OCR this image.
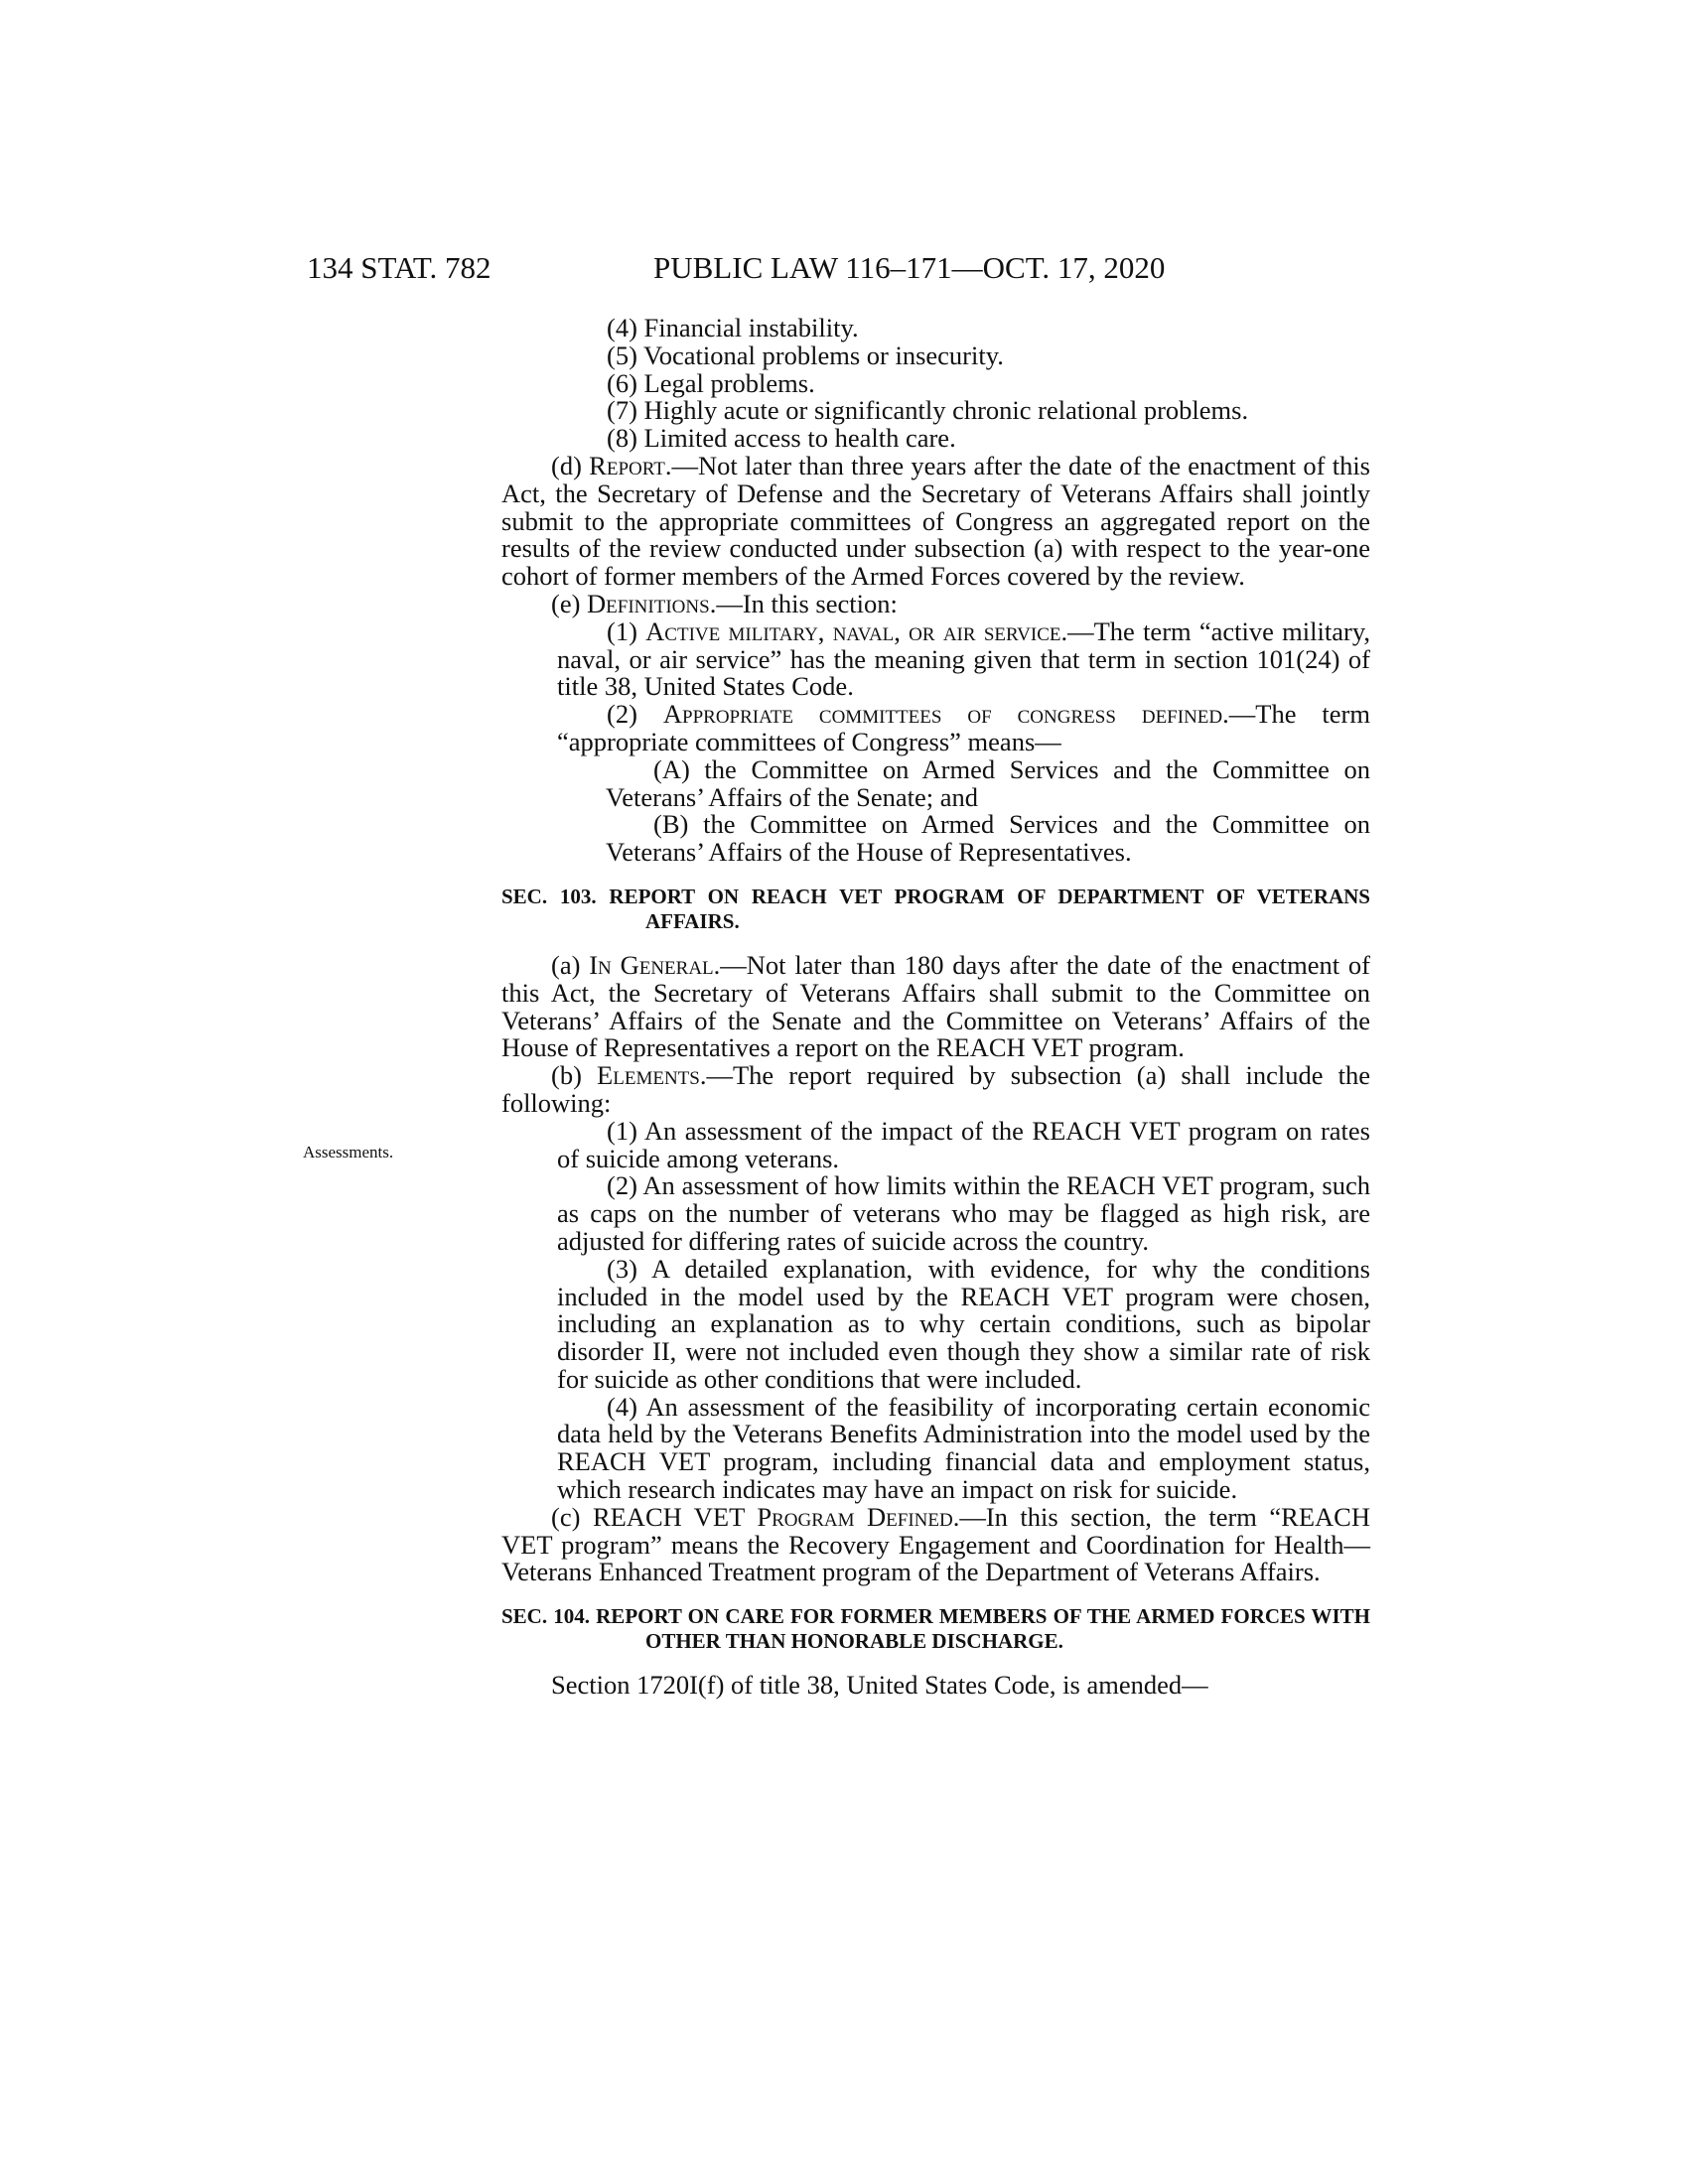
134 STAT. 782	PUBLIC LAW 116–171—OCT. 17, 2020
Assessments.

(4) Financial instability.

(5) Vocational problems or insecurity.

(6) Legal problems.

(7) Highly acute or significantly chronic relational problems.

(8) Limited access to health care.

(d) Report.—Not later than three years after the date of the enactment of this Act, the Secretary of Defense and the Secretary of Veterans Affairs shall jointly submit to the appropriate committees of Congress an aggregated report on the results of the review conducted under subsection (a) with respect to the year-one cohort of former members of the Armed Forces covered by the review.

(e) Definitions.—In this section:

(1) Active military, naval, or air service.—The term “active military, naval, or air service” has the meaning given that term in section 101(24) of title 38, United States Code.

(2) Appropriate committees of congress defined.—The term “appropriate committees of Congress” means—

(A) the Committee on Armed Services and the Committee on Veterans’ Affairs of the Senate; and

(B) the Committee on Armed Services and the Committee on Veterans’ Affairs of the House of Representatives.

SEC. 103. REPORT ON REACH VET PROGRAM OF DEPARTMENT OF VETERANS AFFAIRS.

(a) In General.—Not later than 180 days after the date of the enactment of this Act, the Secretary of Veterans Affairs shall submit to the Committee on Veterans’ Affairs of the Senate and the Committee on Veterans’ Affairs of the House of Representatives a report on the REACH VET program.

(b) Elements.—The report required by subsection (a) shall include the following:

(1) An assessment of the impact of the REACH VET program on rates of suicide among veterans.

(2) An assessment of how limits within the REACH VET program, such as caps on the number of veterans who may be flagged as high risk, are adjusted for differing rates of suicide across the country.

(3) A detailed explanation, with evidence, for why the conditions included in the model used by the REACH VET program were chosen, including an explanation as to why certain conditions, such as bipolar disorder II, were not included even though they show a similar rate of risk for suicide as other conditions that were included.

(4) An assessment of the feasibility of incorporating certain economic data held by the Veterans Benefits Administration into the model used by the REACH VET program, including financial data and employment status, which research indicates may have an impact on risk for suicide.

(c) REACH VET Program Defined.—In this section, the term “REACH VET program” means the Recovery Engagement and Coordination for Health—Veterans Enhanced Treatment program of the Department of Veterans Affairs.

SEC. 104. REPORT ON CARE FOR FORMER MEMBERS OF THE ARMED FORCES WITH OTHER THAN HONORABLE DISCHARGE.

Section 1720I(f) of title 38, United States Code, is amended—
